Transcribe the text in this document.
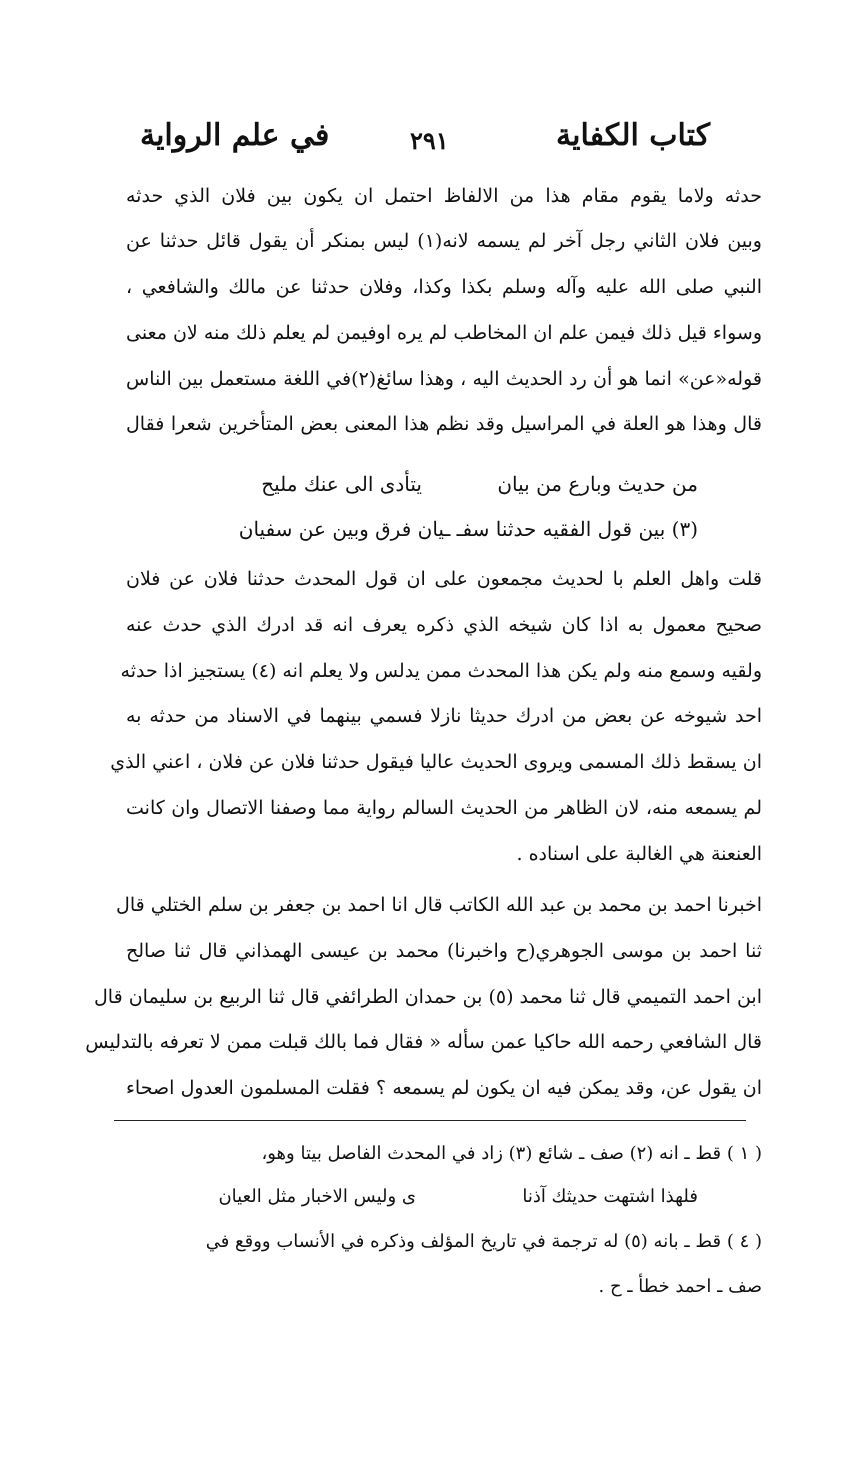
كتاب الكفاية
٢٩١
في علم الرواية
حدثه ولاما يقوم مقام هذا من الالفاظ احتمل ان يكون بين فلان الذي حدثه
وبين فلان الثاني رجل آخر لم يسمه لانه(١) ليس بمنكر أن يقول قائل حدثنا عن
النبي صلى الله عليه وآله وسلم بكذا وكذا، وفلان حدثنا عن مالك والشافعي ،
وسواء قيل ذلك فيمن علم ان المخاطب لم يره اوفيمن لم يعلم ذلك منه لان معنى
قوله«عن» انما هو أن رد الحديث اليه ، وهذا سائغ(٢)في اللغة مستعمل بين الناس
قال وهذا هو العلة في المراسيل وقد نظم هذا المعنى بعض المتأخرين شعرا فقال
يتأدى الى عنك مليح	من حديث وبارع من بيان
(٣) بين قول الفقيه حدثنا سفـ ـيان فرق وبين عن سفيان
قلت واهل العلم با لحديث مجمعون على ان قول المحدث حدثنا فلان عن فلان
صحيح معمول به اذا كان شيخه الذي ذكره يعرف انه قد ادرك الذي حدث عنه
ولقيه وسمع منه ولم يكن هذا المحدث ممن يدلس ولا يعلم انه (٤) يستجيز اذا حدثه
احد شيوخه عن بعض من ادرك حديثا نازلا فسمي بينهما في الاسناد من حدثه به
ان يسقط ذلك المسمى ويروى الحديث عاليا فيقول حدثنا فلان عن فلان ، اعني الذي
لم يسمعه منه، لان الظاهر من الحديث السالم رواية مما وصفنا الاتصال وان كانت
العنعنة هي الغالبة على اسناده .
اخبرنا احمد بن محمد بن عبد الله الكاتب قال انا احمد بن جعفر بن سلم الختلي قال
ثنا احمد بن موسى الجوهري(ح واخبرنا) محمد بن عيسى الهمذاني قال ثنا صالح
ابن احمد التميمي قال ثنا محمد (٥) بن حمدان الطرائفي قال ثنا الربيع بن سليمان قال
قال الشافعي رحمه الله حاكيا عمن سأله « فقال فما بالك قبلت ممن لا تعرفه بالتدليس
ان يقول عن، وقد يمكن فيه ان يكون لم يسمعه ؟ فقلت المسلمون العدول اصحاء
( ١ ) قط ـ انه (٢) صف ـ شائع (٣) زاد في المحدث الفاصل بيتا وهو،
فلهذا اشتهت حديثك آذنا
ى وليس الاخبار مثل العيان
( ٤ ) قط ـ بانه (٥) له ترجمة في تاريخ المؤلف وذكره في الأنساب ووقع في
صف ـ احمد خطأ ـ ح .
